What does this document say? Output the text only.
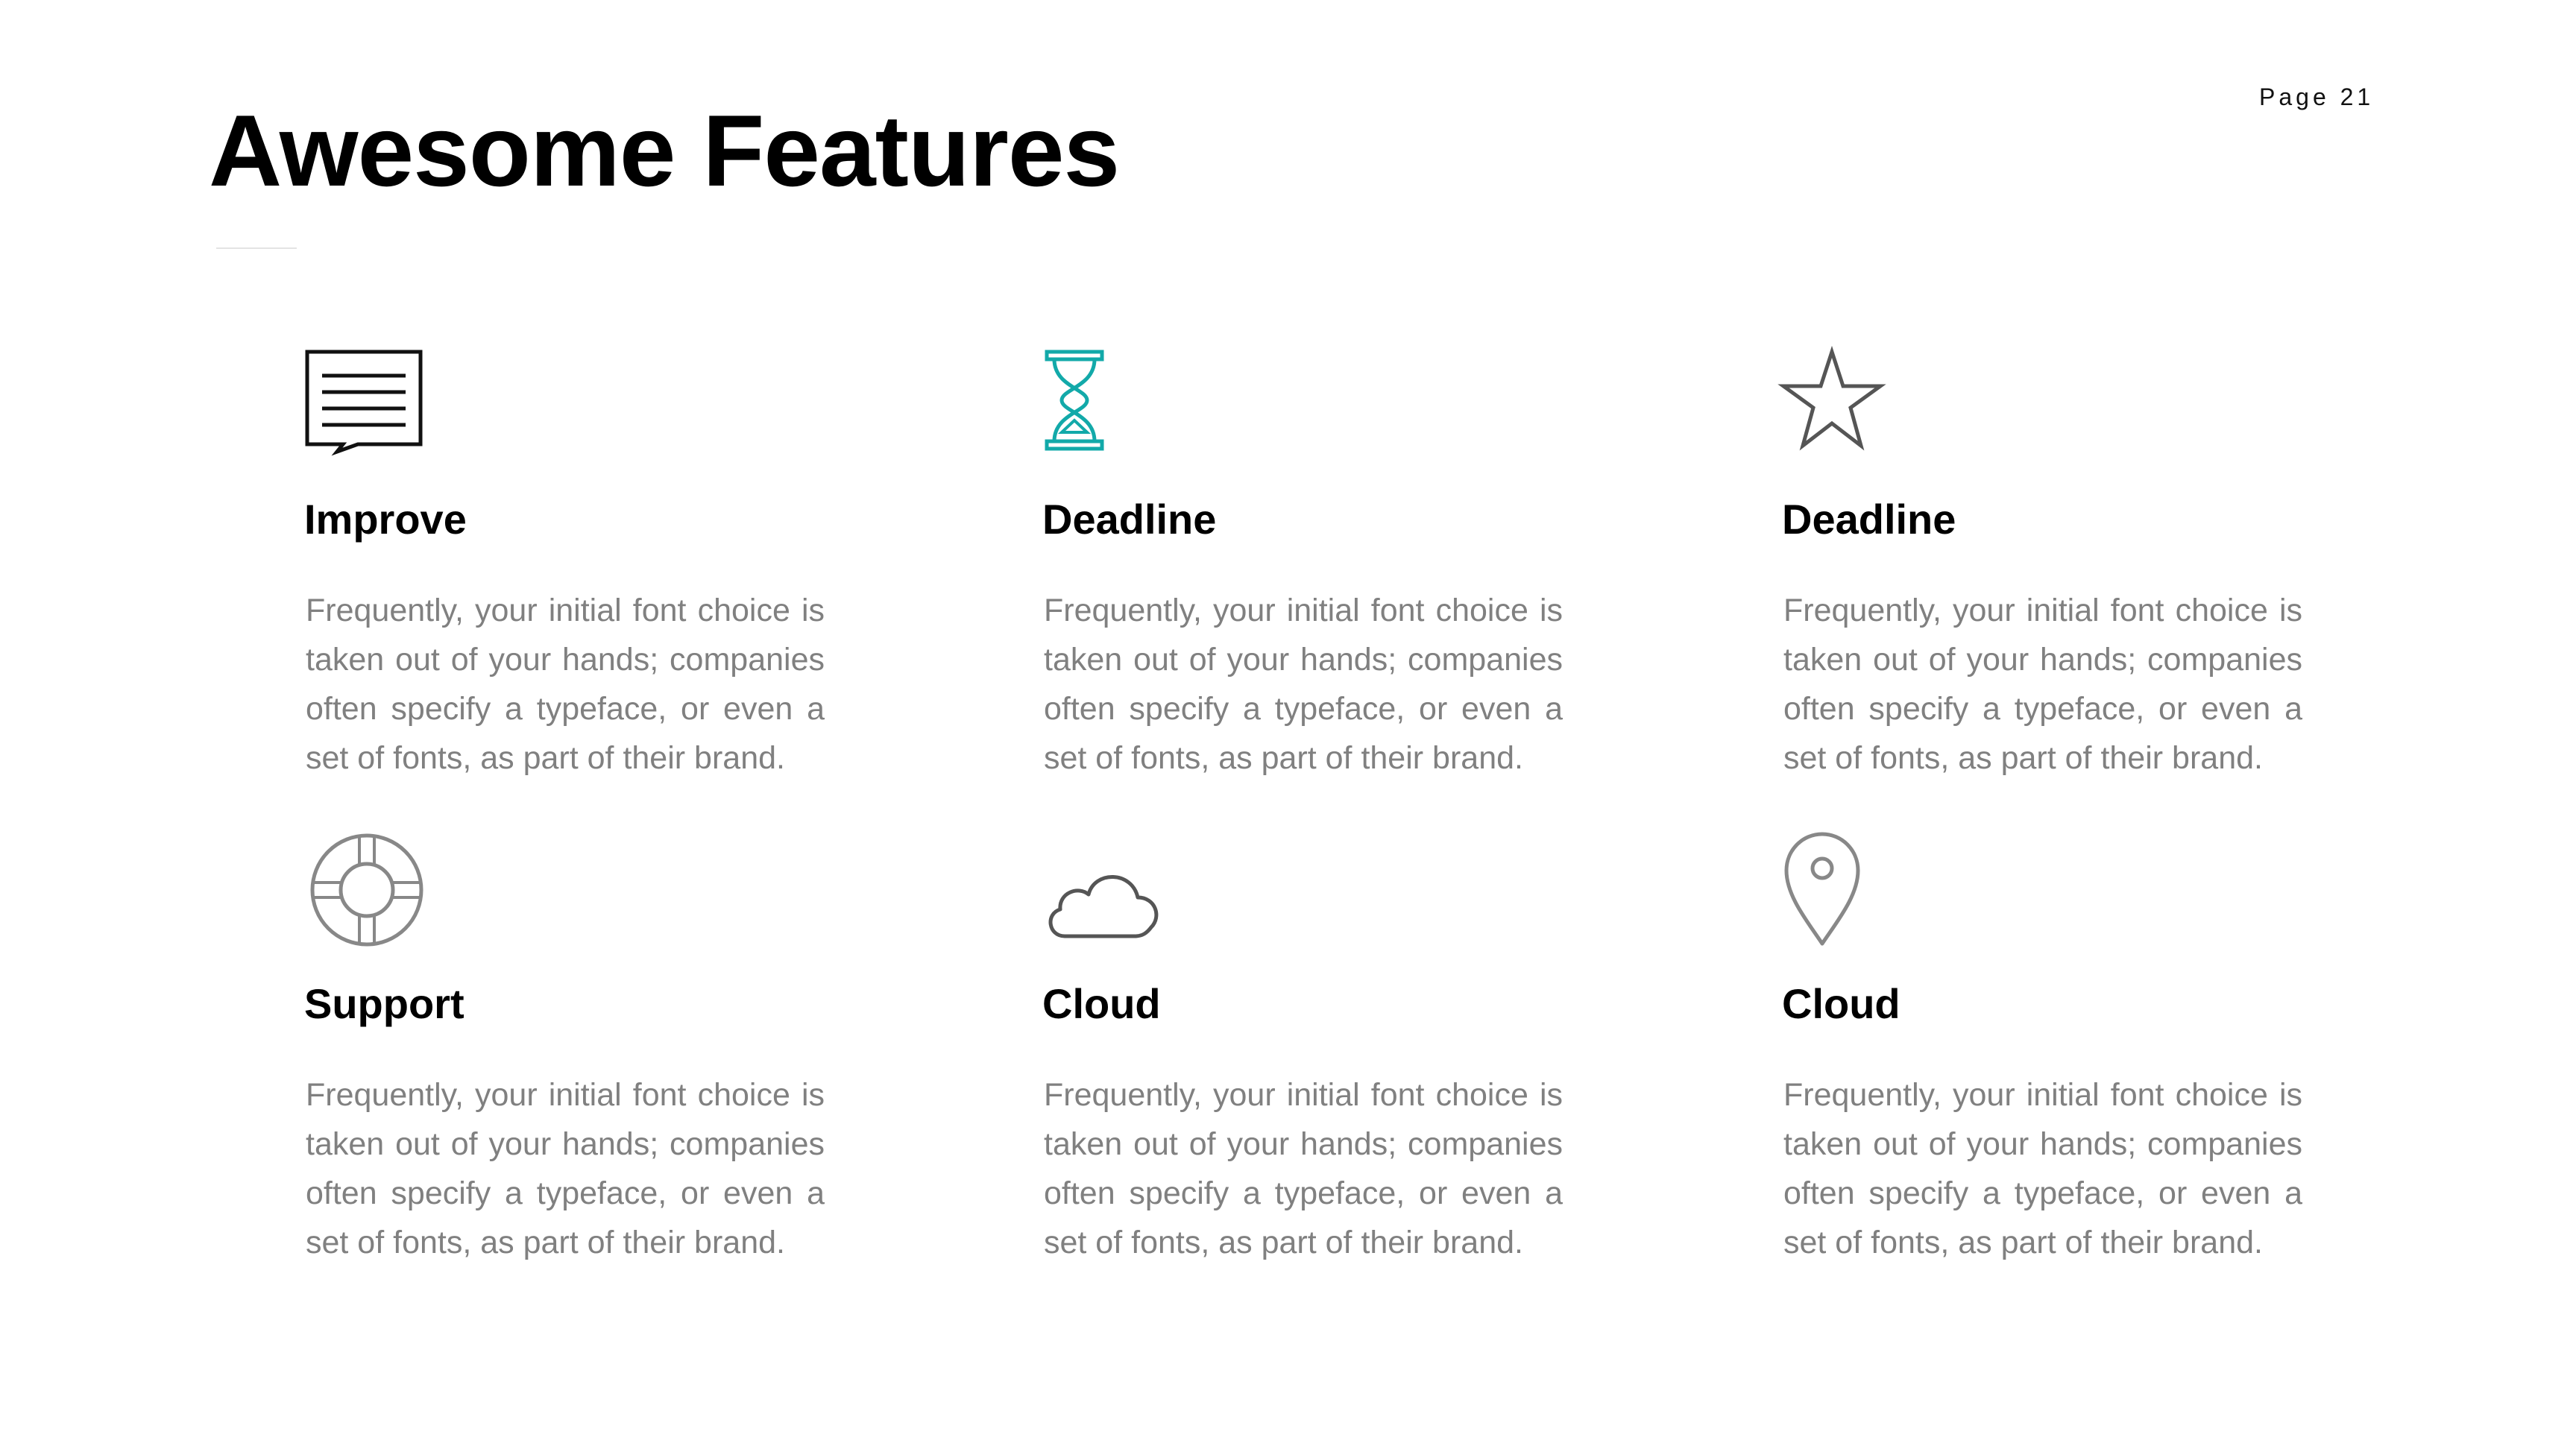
Page 21
Awesome Features
Improve

Frequently, your initial font choice is taken out of your hands; companies often specify a typeface, or even a set of fonts, as part of their brand.

Deadline

Frequently, your initial font choice is taken out of your hands; companies often specify a typeface, or even a set of fonts, as part of their brand.

Deadline

Frequently, your initial font choice is taken out of your hands; companies often specify a typeface, or even a set of fonts, as part of their brand.

Support

Frequently, your initial font choice is taken out of your hands; companies often specify a typeface, or even a set of fonts, as part of their brand.

Cloud

Frequently, your initial font choice is taken out of your hands; companies often specify a typeface, or even a set of fonts, as part of their brand.

Cloud

Frequently, your initial font choice is taken out of your hands; companies often specify a typeface, or even a set of fonts, as part of their brand.
